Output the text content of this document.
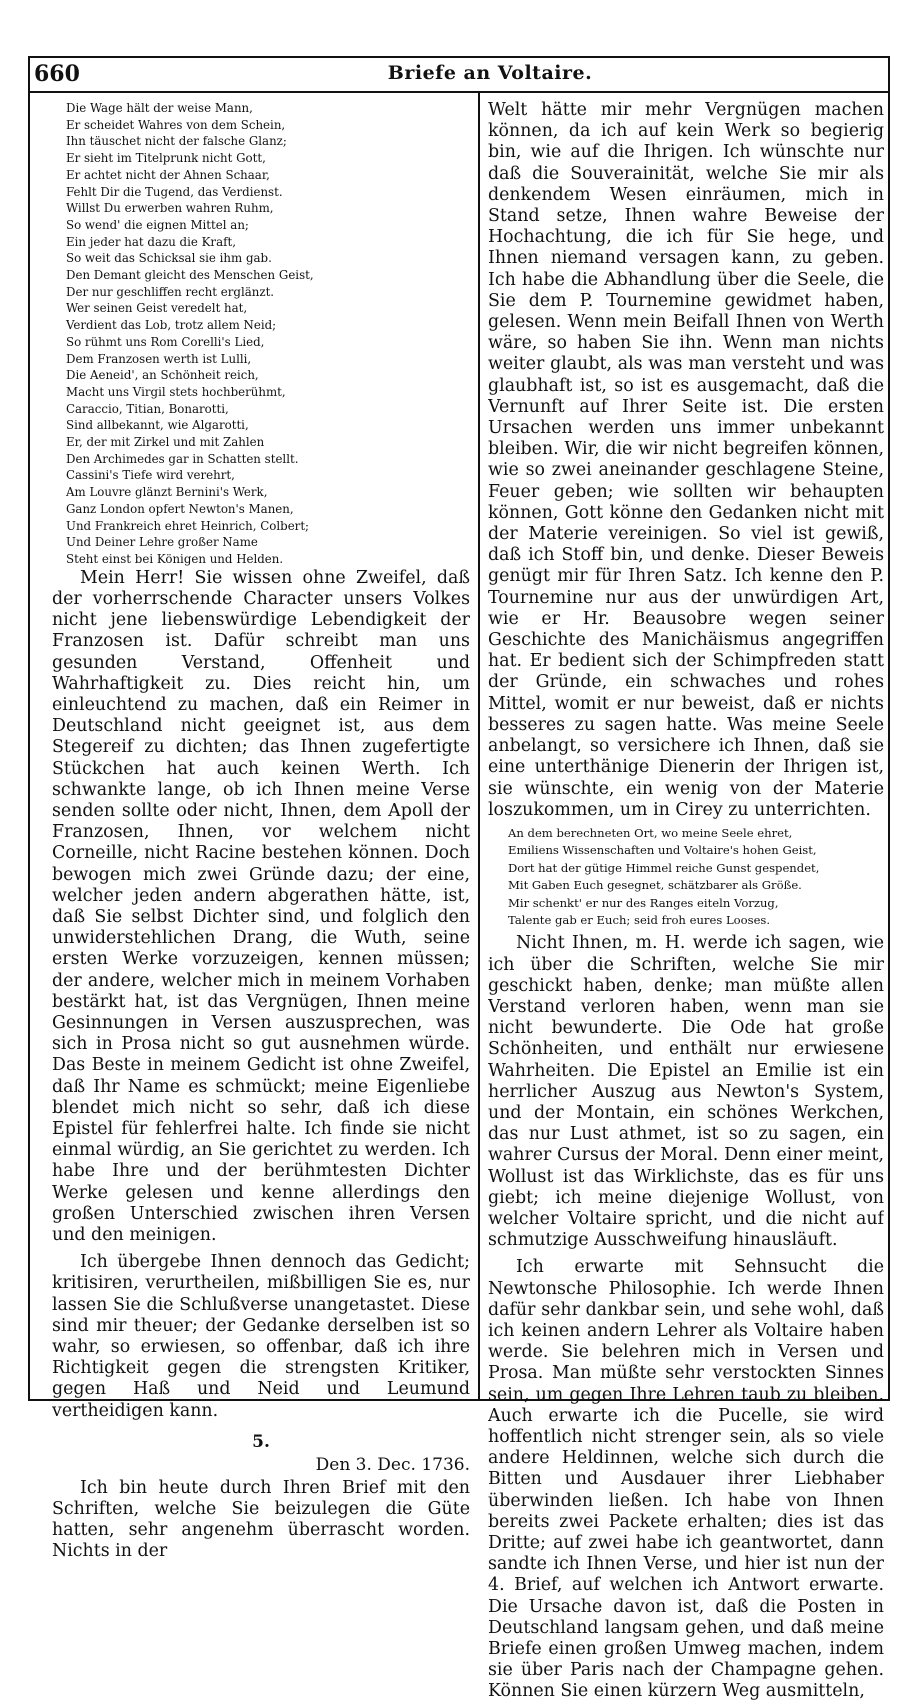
660	Briefe an Voltaire.
Die Wage hält der weise Mann,
Er scheidet Wahres von dem Schein,
Ihn täuschet nicht der falsche Glanz;
Er sieht im Titelprunk nicht Gott,
Er achtet nicht der Ahnen Schaar,
Fehlt Dir die Tugend, das Verdienst.
Willst Du erwerben wahren Ruhm,
So wend' die eignen Mittel an;
Ein jeder hat dazu die Kraft,
So weit das Schicksal sie ihm gab.
Den Demant gleicht des Menschen Geist,
Der nur geschliffen recht erglänzt.
Wer seinen Geist veredelt hat,
Verdient das Lob, trotz allem Neid;
So rühmt uns Rom Corelli's Lied,
Dem Franzosen werth ist Lulli,
Die Aeneid', an Schönheit reich,
Macht uns Virgil stets hochberühmt,
Caraccio, Titian, Bonarotti,
Sind allbekannt, wie Algarotti,
Er, der mit Zirkel und mit Zahlen
Den Archimedes gar in Schatten stellt.
Cassini's Tiefe wird verehrt,
Am Louvre glänzt Bernini's Werk,
Ganz London opfert Newton's Manen,
Und Frankreich ehret Heinrich, Colbert;
Und Deiner Lehre großer Name
Steht einst bei Königen und Helden.

Mein Herr! Sie wissen ohne Zweifel, daß der vorherrschende Character unsers Volkes nicht jene liebenswürdige Lebendigkeit der Franzosen ist. Dafür schreibt man uns gesunden Verstand, Offenheit und Wahrhaftigkeit zu. Dies reicht hin, um einleuchtend zu machen, daß ein Reimer in Deutschland nicht geeignet ist, aus dem Stegereif zu dichten; das Ihnen zugefertigte Stückchen hat auch keinen Werth. Ich schwankte lange, ob ich Ihnen meine Verse senden sollte oder nicht, Ihnen, dem Apoll der Franzosen, Ihnen, vor welchem nicht Corneille, nicht Racine bestehen können. Doch bewogen mich zwei Gründe dazu; der eine, welcher jeden andern abgerathen hätte, ist, daß Sie selbst Dichter sind, und folglich den unwiderstehlichen Drang, die Wuth, seine ersten Werke vorzuzeigen, kennen müssen; der andere, welcher mich in meinem Vorhaben bestärkt hat, ist das Vergnügen, Ihnen meine Gesinnungen in Versen auszusprechen, was sich in Prosa nicht so gut ausnehmen würde. Das Beste in meinem Gedicht ist ohne Zweifel, daß Ihr Name es schmückt; meine Eigenliebe blendet mich nicht so sehr, daß ich diese Epistel für fehlerfrei halte. Ich finde sie nicht einmal würdig, an Sie gerichtet zu werden. Ich habe Ihre und der berühmtesten Dichter Werke gelesen und kenne allerdings den großen Unterschied zwischen ihren Versen und den meinigen.

Ich übergebe Ihnen dennoch das Gedicht; kritisiren, verurtheilen, mißbilligen Sie es, nur lassen Sie die Schlußverse unangetastet. Diese sind mir theuer; der Gedanke derselben ist so wahr, so erwiesen, so offenbar, daß ich ihre Richtigkeit gegen die strengsten Kritiker, gegen Haß und Neid und Leumund vertheidigen kann.

5.
Den 3. Dec. 1736.

Ich bin heute durch Ihren Brief mit den Schriften, welche Sie beizulegen die Güte hatten, sehr angenehm überrascht worden. Nichts in der

Welt hätte mir mehr Vergnügen machen können, da ich auf kein Werk so begierig bin, wie auf die Ihrigen. Ich wünschte nur daß die Souverainität, welche Sie mir als denkendem Wesen einräumen, mich in Stand setze, Ihnen wahre Beweise der Hochachtung, die ich für Sie hege, und Ihnen niemand versagen kann, zu geben. Ich habe die Abhandlung über die Seele, die Sie dem P. Tournemine gewidmet haben, gelesen. Wenn mein Beifall Ihnen von Werth wäre, so haben Sie ihn. Wenn man nichts weiter glaubt, als was man versteht und was glaubhaft ist, so ist es ausgemacht, daß die Vernunft auf Ihrer Seite ist. Die ersten Ursachen werden uns immer unbekannt bleiben. Wir, die wir nicht begreifen können, wie so zwei aneinander geschlagene Steine, Feuer geben; wie sollten wir behaupten können, Gott könne den Gedanken nicht mit der Materie vereinigen. So viel ist gewiß, daß ich Stoff bin, und denke. Dieser Beweis genügt mir für Ihren Satz. Ich kenne den P. Tournemine nur aus der unwürdigen Art, wie er Hr. Beausobre wegen seiner Geschichte des Manichäismus angegriffen hat. Er bedient sich der Schimpfreden statt der Gründe, ein schwaches und rohes Mittel, womit er nur beweist, daß er nichts besseres zu sagen hatte. Was meine Seele anbelangt, so versichere ich Ihnen, daß sie eine unterthänige Dienerin der Ihrigen ist, sie wünschte, ein wenig von der Materie loszukommen, um in Cirey zu unterrichten.

An dem berechneten Ort, wo meine Seele ehret,
Emiliens Wissenschaften und Voltaire's hohen Geist,
Dort hat der gütige Himmel reiche Gunst gespendet,
Mit Gaben Euch gesegnet, schätzbarer als Größe.
Mir schenkt' er nur des Ranges eiteln Vorzug,
Talente gab er Euch; seid froh eures Looses.

Nicht Ihnen, m. H. werde ich sagen, wie ich über die Schriften, welche Sie mir geschickt haben, denke; man müßte allen Verstand verloren haben, wenn man sie nicht bewunderte. Die Ode hat große Schönheiten, und enthält nur erwiesene Wahrheiten. Die Epistel an Emilie ist ein herrlicher Auszug aus Newton's System, und der Montain, ein schönes Werkchen, das nur Lust athmet, ist so zu sagen, ein wahrer Cursus der Moral. Denn einer meint, Wollust ist das Wirklichste, das es für uns giebt; ich meine diejenige Wollust, von welcher Voltaire spricht, und die nicht auf schmutzige Ausschweifung hinausläuft.

Ich erwarte mit Sehnsucht die Newtonsche Philosophie. Ich werde Ihnen dafür sehr dankbar sein, und sehe wohl, daß ich keinen andern Lehrer als Voltaire haben werde. Sie belehren mich in Versen und Prosa. Man müßte sehr verstockten Sinnes sein, um gegen Ihre Lehren taub zu bleiben. Auch erwarte ich die Pucelle, sie wird hoffentlich nicht strenger sein, als so viele andere Heldinnen, welche sich durch die Bitten und Ausdauer ihrer Liebhaber überwinden ließen. Ich habe von Ihnen bereits zwei Packete erhalten; dies ist das Dritte; auf zwei habe ich geantwortet, dann sandte ich Ihnen Verse, und hier ist nun der 4. Brief, auf welchen ich Antwort erwarte. Die Ursache davon ist, daß die Posten in Deutschland langsam gehen, und daß meine Briefe einen großen Umweg machen, indem sie über Paris nach der Champagne gehen. Können Sie einen kürzern Weg ausmitteln,
